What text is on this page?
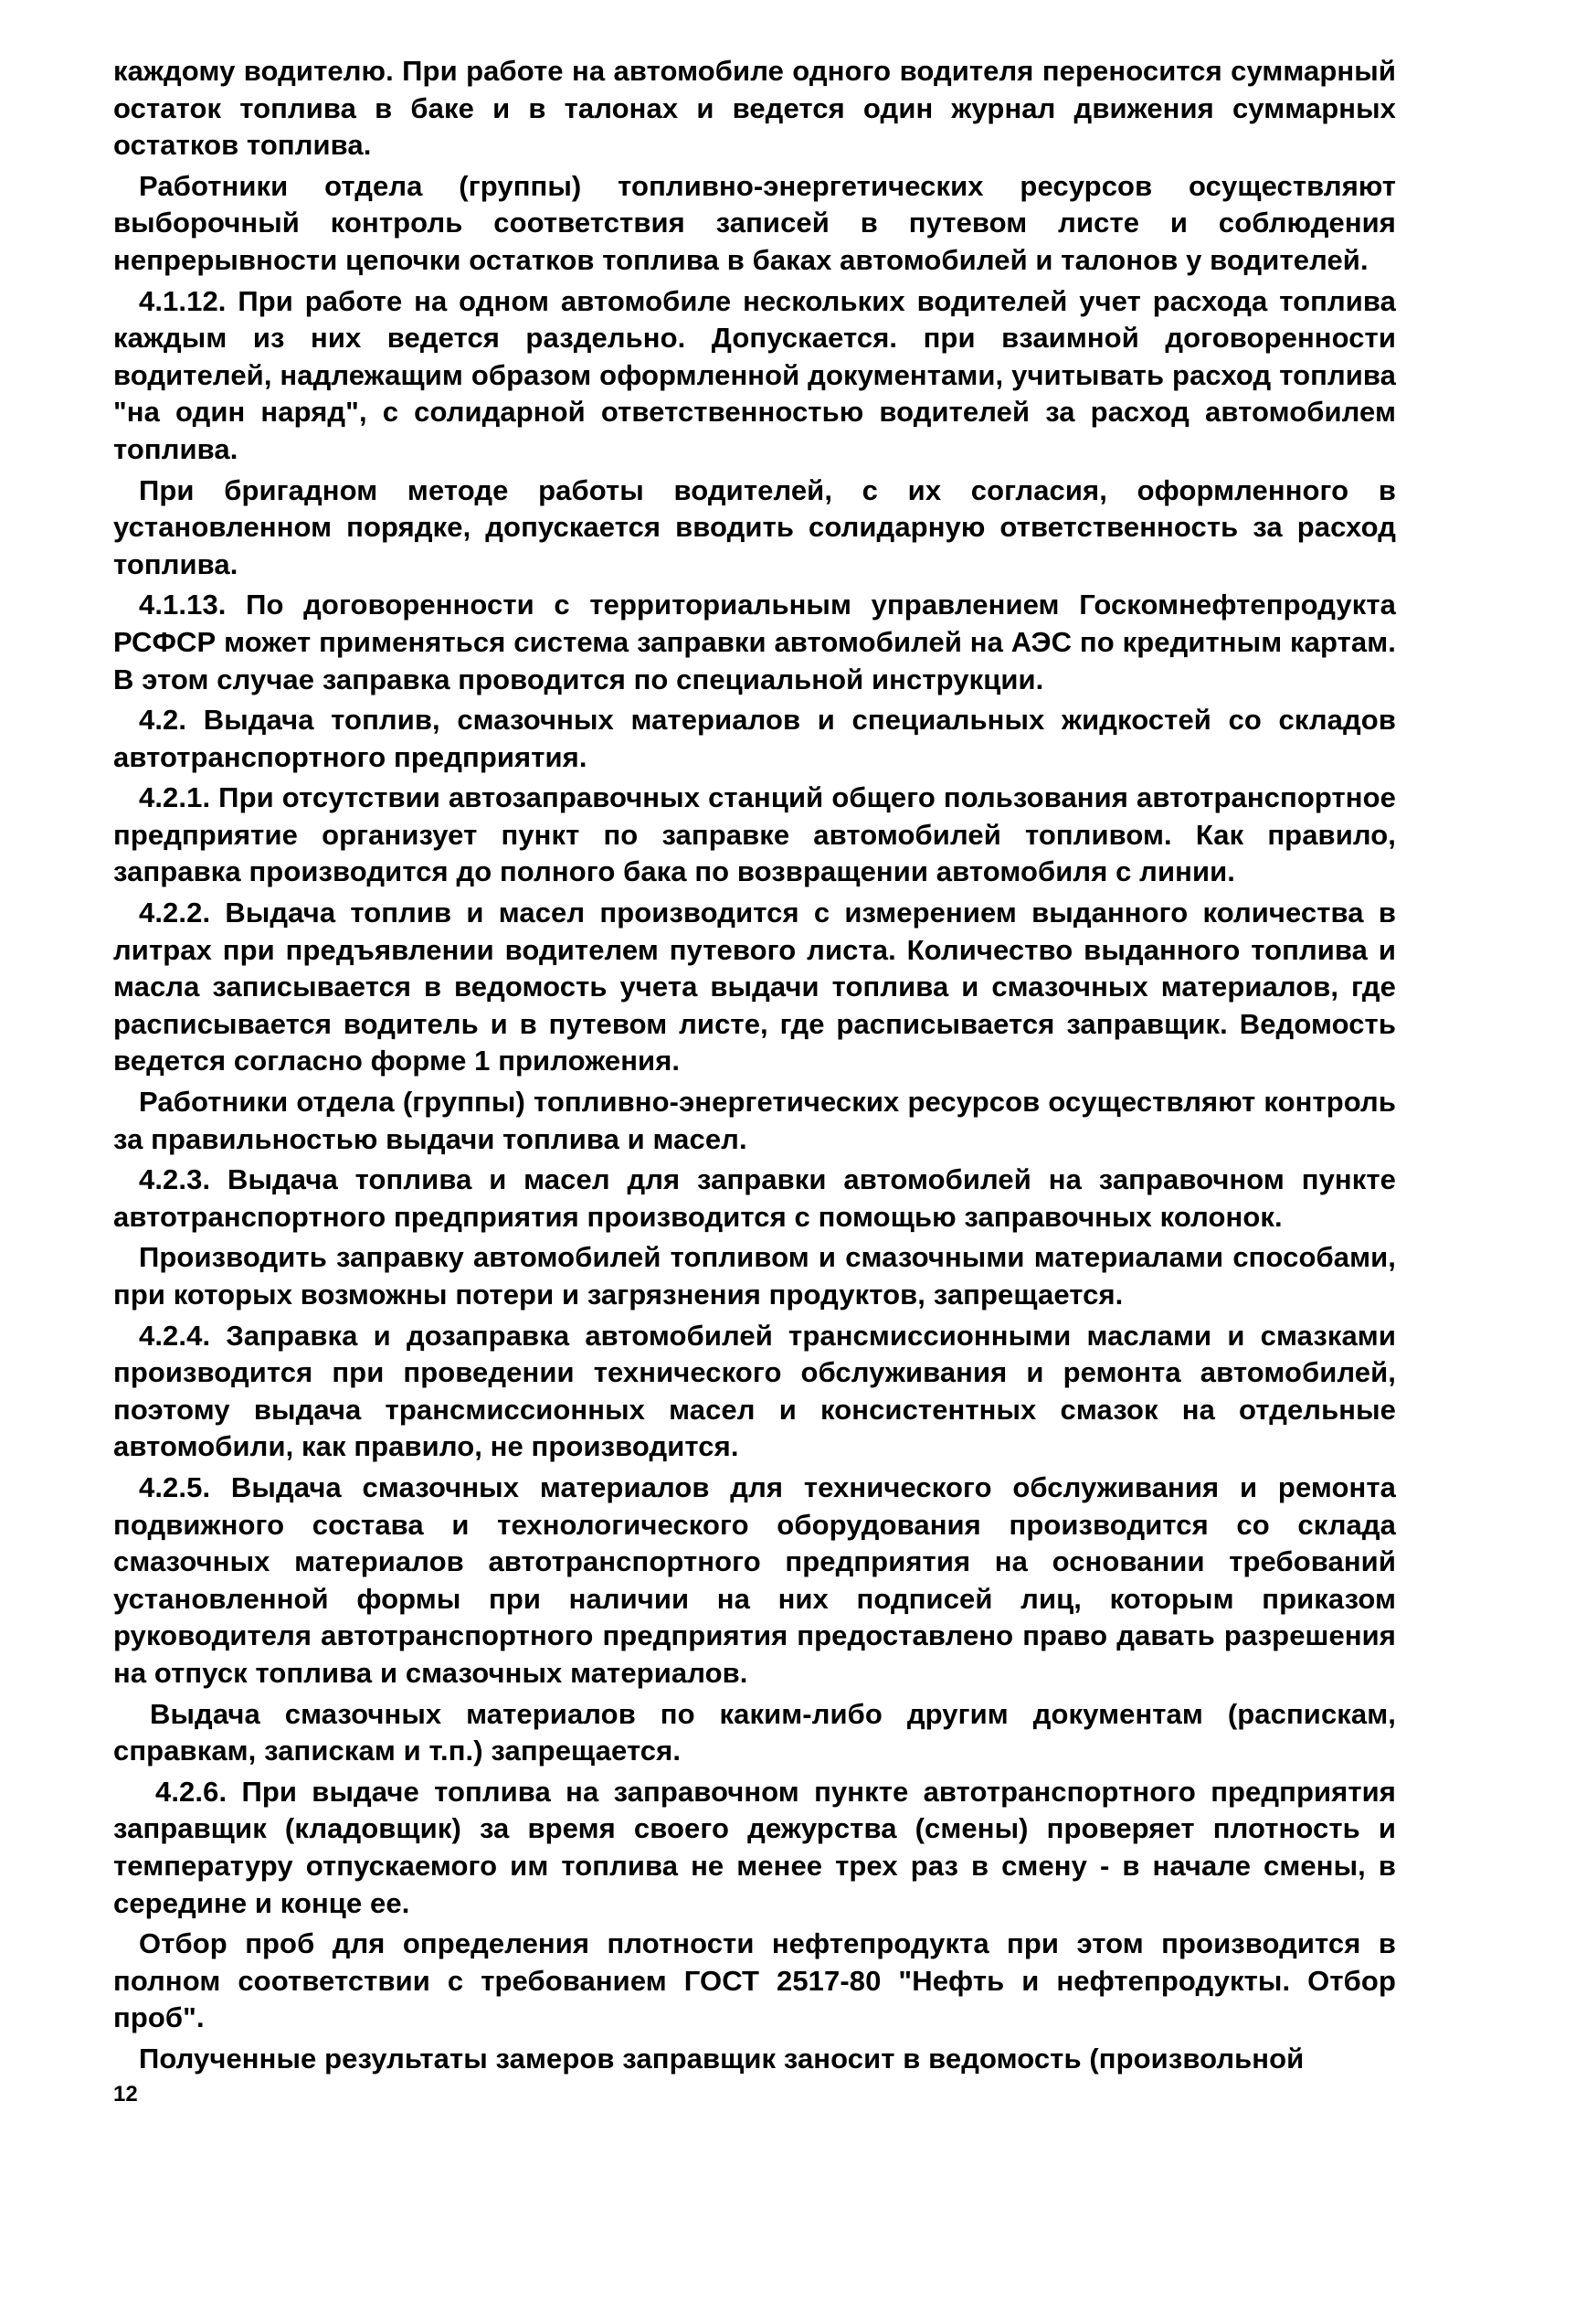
каждому водителю. При работе на автомобиле одного водителя переносится суммарный остаток топлива в баке и в талонах и ведется один журнал движения суммарных остатков топлива.

Работники отдела (группы) топливно-энергетических ресурсов осуществляют выборочный контроль соответствия записей в путевом листе и соблюдения непрерывности цепочки остатков топлива в баках автомобилей и талонов у водителей.

4.1.12. При работе на одном автомобиле нескольких водителей учет расхода топлива каждым из них ведется раздельно. Допускается. при взаимной договоренности водителей, надлежащим образом оформленной документами, учитывать расход топлива "на один наряд", с солидарной ответственностью водителей за расход автомобилем топлива.

При бригадном методе работы водителей, с их согласия, оформленного в установленном порядке, допускается вводить солидарную ответственность за расход топлива.

4.1.13. По договоренности с территориальным управлением Госкомнефтепродукта РСФСР может применяться система заправки автомобилей на АЭС по кредитным картам. В этом случае заправка проводится по специальной инструкции.

4.2. Выдача топлив, смазочных материалов и специальных жидкостей со складов автотранспортного предприятия.

4.2.1. При отсутствии автозаправочных станций общего пользования автотранспортное предприятие организует пункт по заправке автомобилей топливом. Как правило, заправка производится до полного бака по возвращении автомобиля с линии.

4.2.2. Выдача топлив и масел производится с измерением выданного количества в литрах при предъявлении водителем путевого листа. Количество выданного топлива и масла записывается в ведомость учета выдачи топлива и смазочных материалов, где расписывается водитель и в путевом листе, где расписывается заправщик. Ведомость ведется согласно форме 1 приложения.

Работники отдела (группы) топливно-энергетических ресурсов осуществляют контроль за правильностью выдачи топлива и масел.

4.2.3. Выдача топлива и масел для заправки автомобилей на заправочном пункте автотранспортного предприятия производится с помощью заправочных колонок.

Производить заправку автомобилей топливом и смазочными материалами способами, при которых возможны потери и загрязнения продуктов, запрещается.

4.2.4. Заправка и дозаправка автомобилей трансмиссионными маслами и смазками производится при проведении технического обслуживания и ремонта автомобилей, поэтому выдача трансмиссионных масел и консистентных смазок на отдельные автомобили, как правило, не производится.

4.2.5. Выдача смазочных материалов для технического обслуживания и ремонта подвижного состава и технологического оборудования производится со склада смазочных материалов автотранспортного предприятия на основании требований установленной формы при наличии на них подписей лиц, которым приказом руководителя автотранспортного предприятия предоставлено право давать разрешения на отпуск топлива и смазочных материалов.

Выдача смазочных материалов по каким-либо другим документам (распискам, справкам, запискам и т.п.) запрещается.

4.2.6. При выдаче топлива на заправочном пункте автотранспортного предприятия заправщик (кладовщик) за время своего дежурства (смены) проверяет плотность и температуру отпускаемого им топлива не менее трех раз в смену - в начале смены, в середине и конце ее.

Отбор проб для определения плотности нефтепродукта при этом производится в полном соответствии с требованием ГОСТ 2517-80 "Нефть и нефтепродукты. Отбор проб".

Полученные результаты замеров заправщик заносит в ведомость (произвольной

12
